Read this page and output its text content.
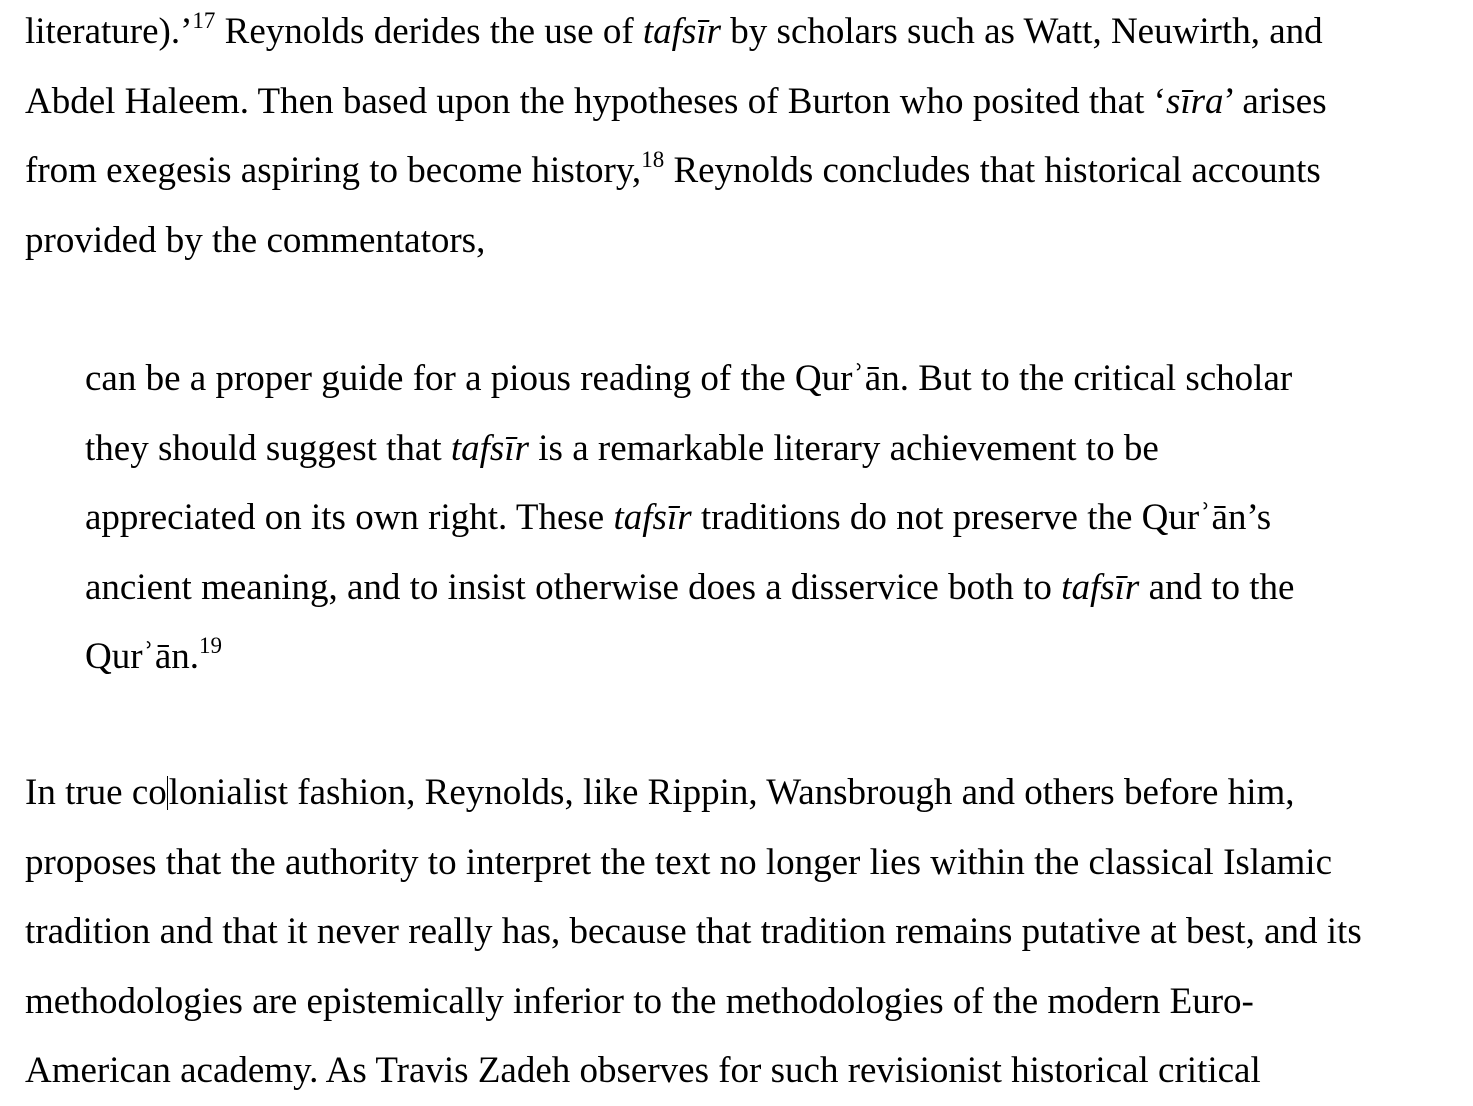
literature).’$^{17}$ Reynolds derides the use of tafsīr by scholars such as Watt, Neuwirth, and
Abdel Haleem. Then based upon the hypotheses of Burton who posited that ‘sīra’ arises
from exegesis aspiring to become history,$^{18}$ Reynolds concludes that historical accounts
provided by the commentators,
can be a proper guide for a pious reading of the Qurʾān. But to the critical scholar
they should suggest that tafsīr is a remarkable literary achievement to be
appreciated on its own right. These tafsīr traditions do not preserve the Qurʾān’s
ancient meaning, and to insist otherwise does a disservice both to tafsīr and to the
Qurʾān.$^{19}$
In true colonialist fashion, Reynolds, like Rippin, Wansbrough and others before him,
proposes that the authority to interpret the text no longer lies within the classical Islamic
tradition and that it never really has, because that tradition remains putative at best, and its
methodologies are epistemically inferior to the methodologies of the modern Euro-
American academy. As Travis Zadeh observes for such revisionist historical critical
